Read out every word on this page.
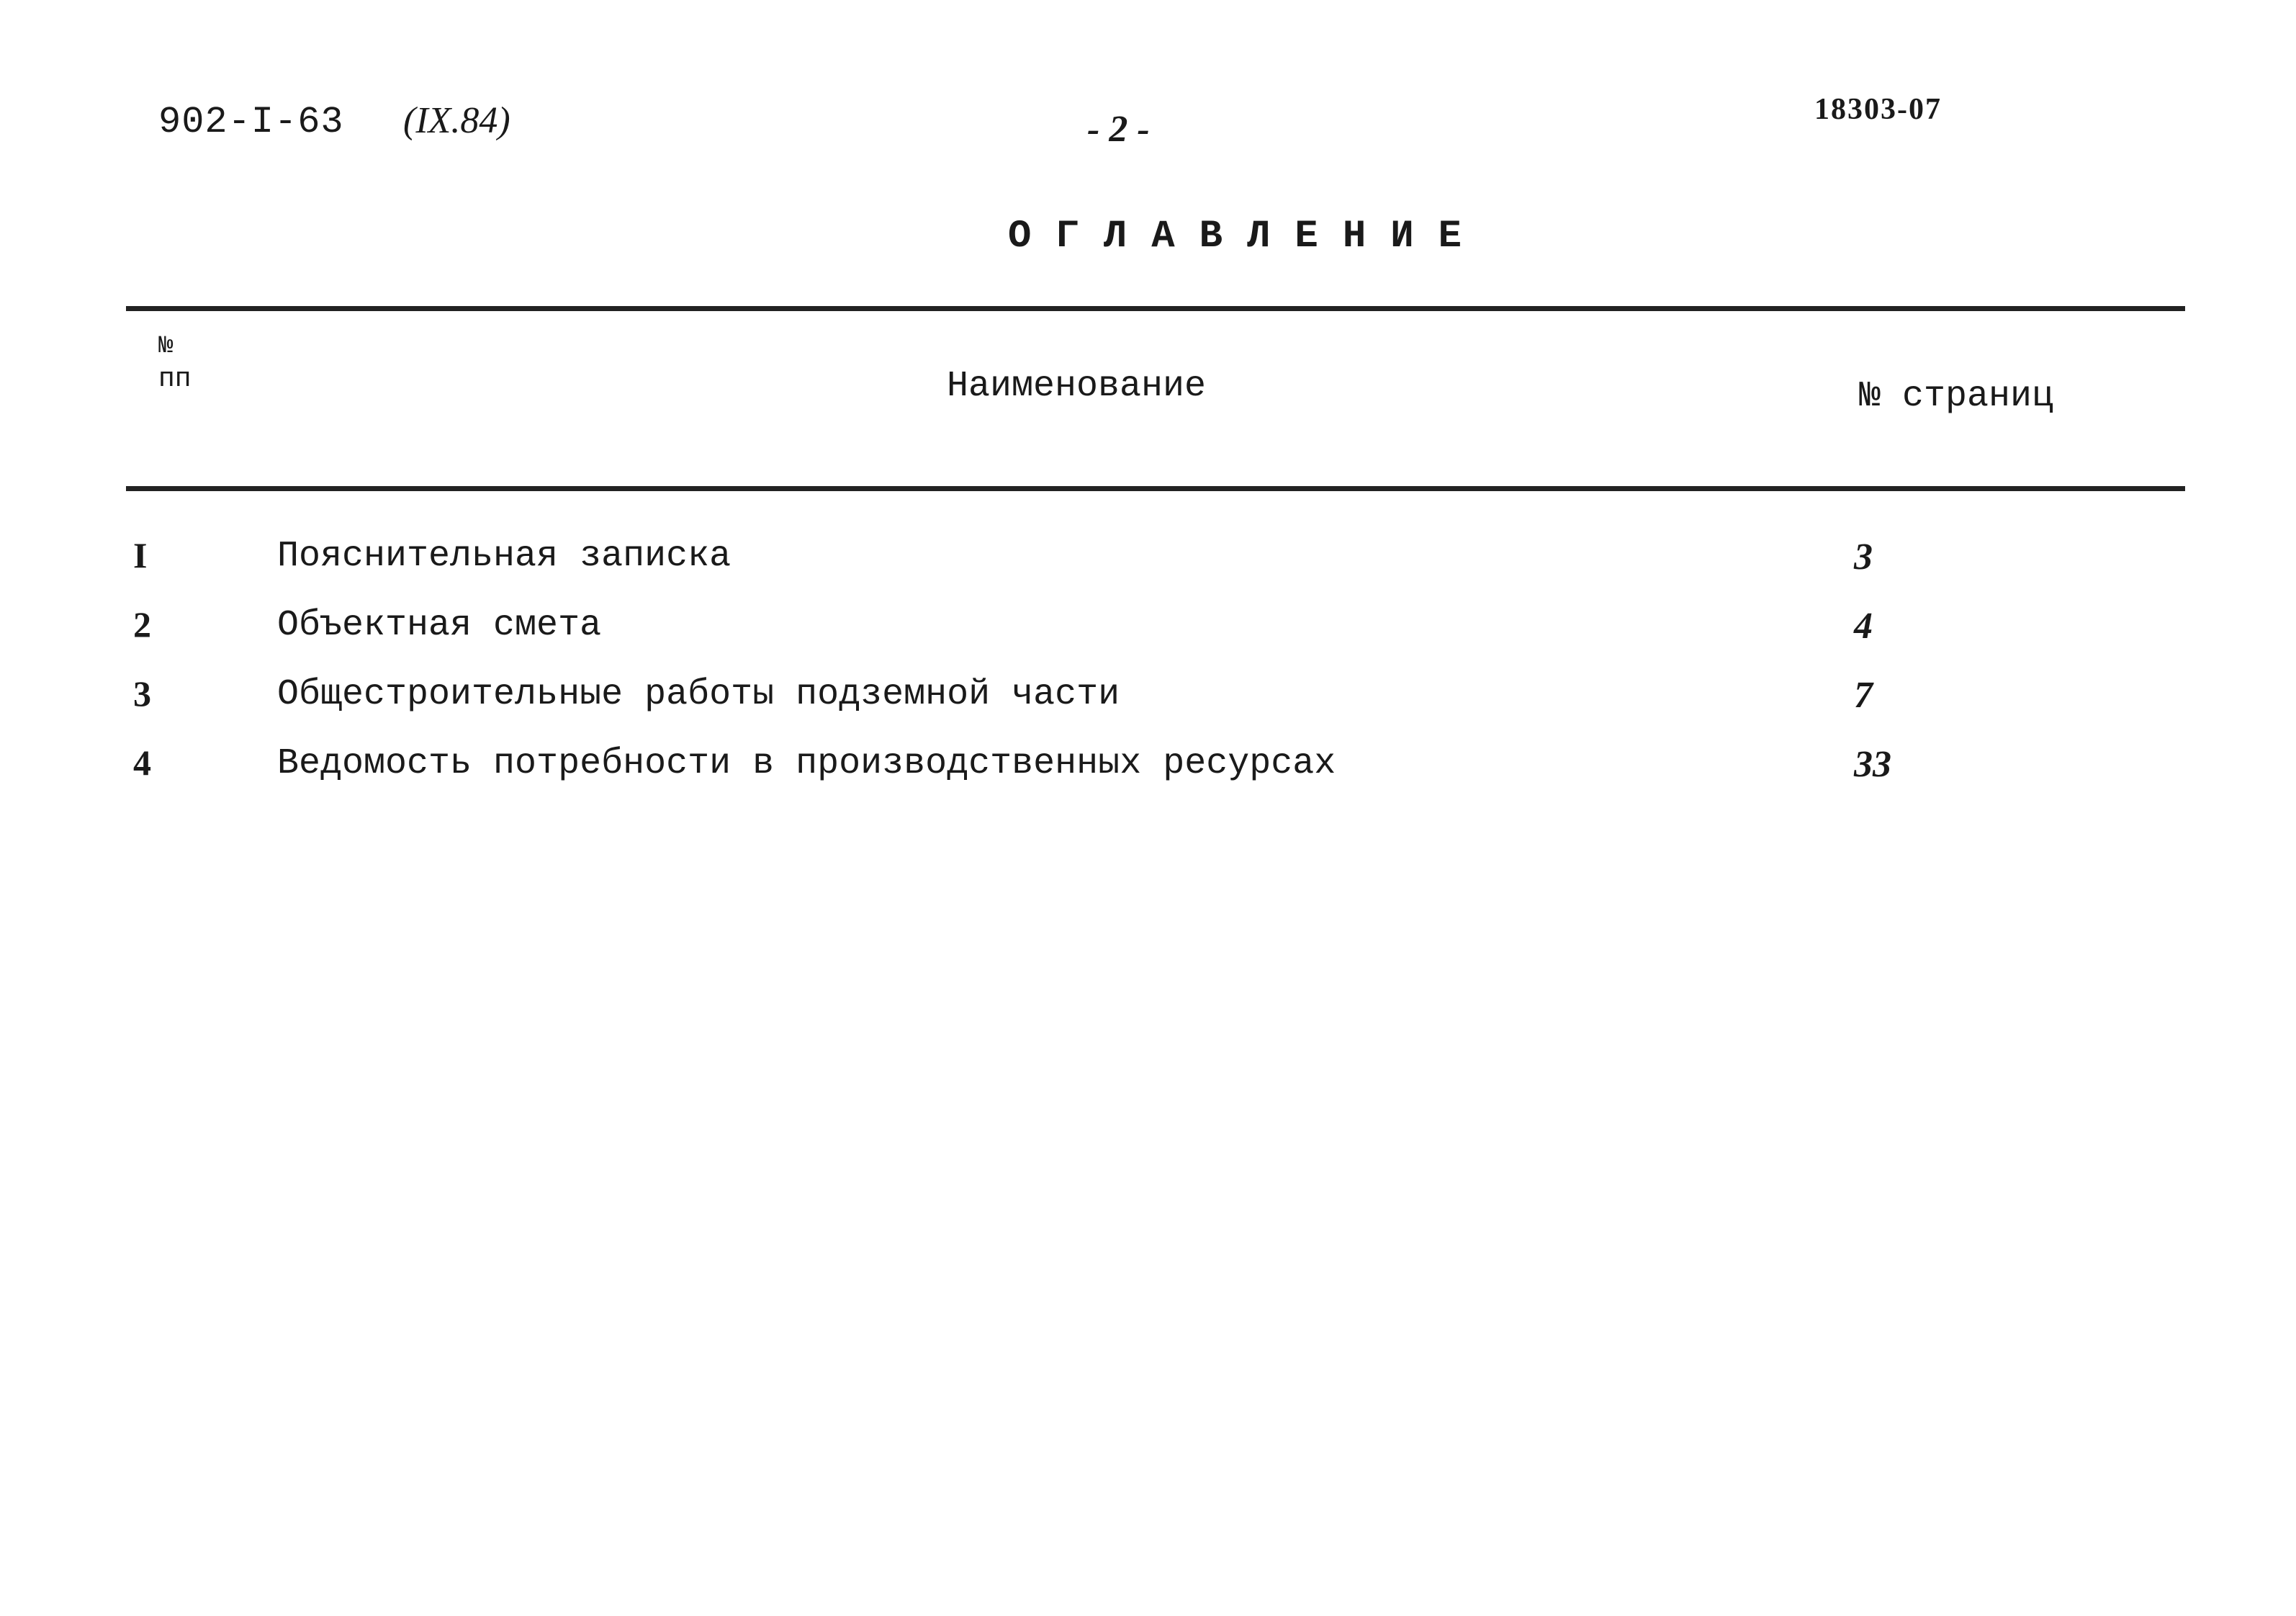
902-I-63 (IX.84)	- 2 -	18303-07
ОГЛАВЛЕНИЕ
№
пп	Наименование	№ страниц
I	Пояснительная записка	3
2	Объектная смета	4
3	Общестроительные работы подземной части	7
4	Ведомость потребности в производственных ресурсах	33
